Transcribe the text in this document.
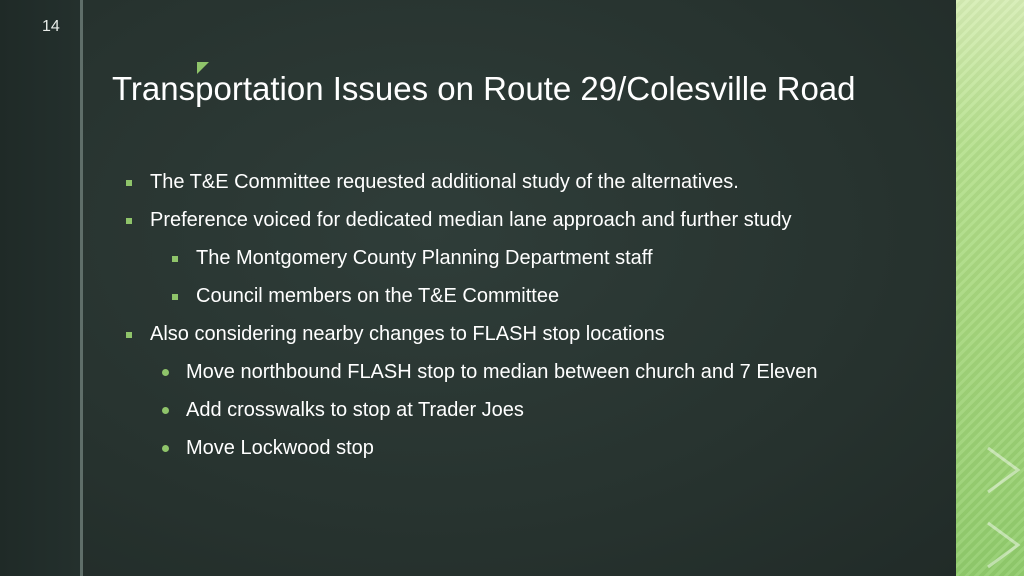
14
Transportation Issues on Route 29/Colesville Road
The T&E Committee requested additional study of the alternatives.
Preference voiced for dedicated median lane approach and further study
The Montgomery County Planning Department staff
Council members on the T&E Committee
Also considering nearby changes to FLASH stop locations
Move northbound FLASH stop to median between church and 7 Eleven
Add crosswalks to stop at Trader Joes
Move Lockwood stop
